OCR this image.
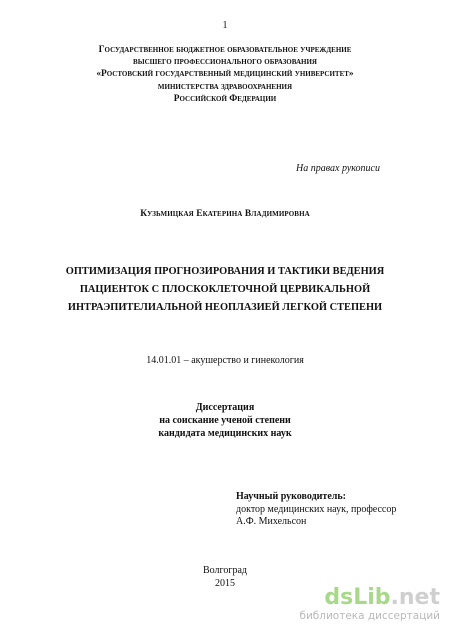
1
Государственное бюджетное образовательное учреждение
высшего профессионального образования
«Ростовский государственный медицинский университет»
министерства здравоохранения
Российской Федерации
На правах рукописи
Кузьмицкая Екатерина Владимировна
ОПТИМИЗАЦИЯ ПРОГНОЗИРОВАНИЯ И ТАКТИКИ ВЕДЕНИЯ
ПАЦИЕНТОК С ПЛОСКОКЛЕТОЧНОЙ ЦЕРВИКАЛЬНОЙ
ИНТРАЭПИТЕЛИАЛЬНОЙ НЕОПЛАЗИЕЙ ЛЕГКОЙ СТЕПЕНИ
14.01.01 – акушерство и гинекология
Диссертация
на соискание ученой степени
кандидата медицинских наук
Научный руководитель:
доктор медицинских наук, профессор
А.Ф. Михельсон
Волгоград
2015
dsLib.net
библиотека диссертаций
